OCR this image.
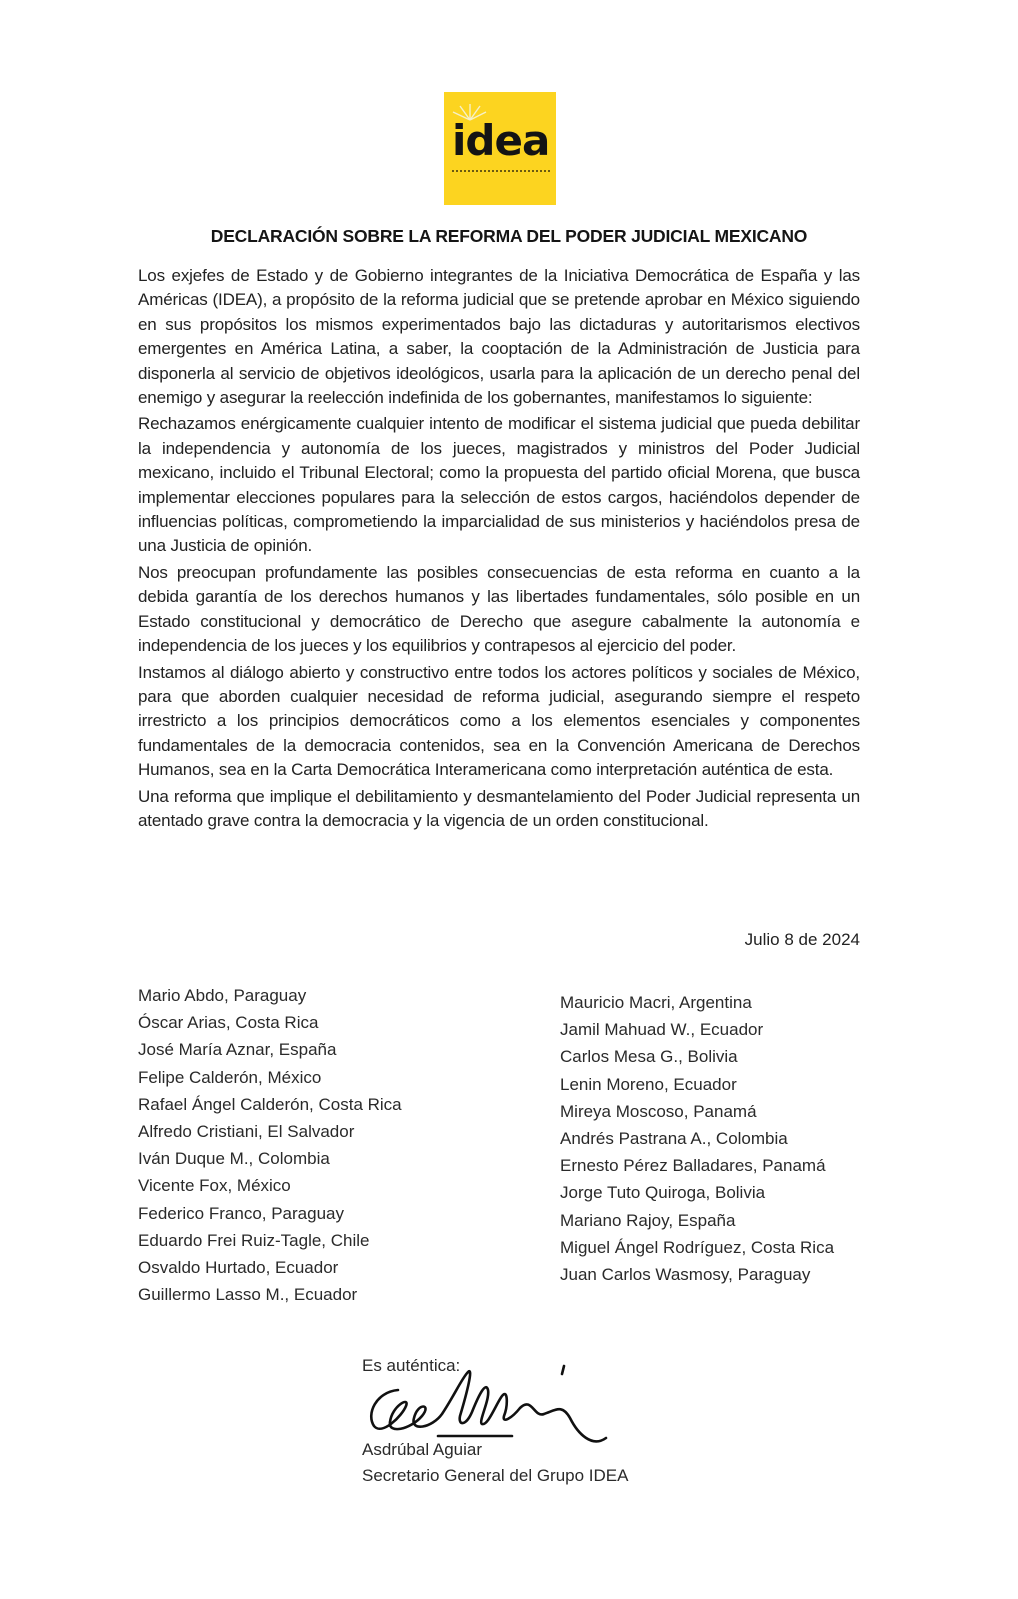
idea
DECLARACIÓN SOBRE LA REFORMA DEL PODER JUDICIAL MEXICANO

Los exjefes de Estado y de Gobierno integrantes de la Iniciativa Democrática de España y las Américas (IDEA), a propósito de la reforma judicial que se pretende aprobar en México siguiendo en sus propósitos los mismos experimentados bajo las dictaduras y autoritarismos electivos emergentes en América Latina, a saber, la cooptación de la Administración de Justicia para disponerla al servicio de objetivos ideológicos, usarla para la aplicación de un derecho penal del enemigo y asegurar la reelección indefinida de los gobernantes, manifestamos lo siguiente:

Rechazamos enérgicamente cualquier intento de modificar el sistema judicial que pueda debilitar la independencia y autonomía de los jueces, magistrados y ministros del Poder Judicial mexicano, incluido el Tribunal Electoral; como la propuesta del partido oficial Morena, que busca implementar elecciones populares para la selección de estos cargos, haciéndolos depender de influencias políticas, comprometiendo la imparcialidad de sus ministerios y haciéndolos presa de una Justicia de opinión.

Nos preocupan profundamente las posibles consecuencias de esta reforma en cuanto a la debida garantía de los derechos humanos y las libertades fundamentales, sólo posible en un Estado constitucional y democrático de Derecho que asegure cabalmente la autonomía e independencia de los jueces y los equilibrios y contrapesos al ejercicio del poder.

Instamos al diálogo abierto y constructivo entre todos los actores políticos y sociales de México, para que aborden cualquier necesidad de reforma judicial, asegurando siempre el respeto irrestricto a los principios democráticos como a los elementos esenciales y componentes fundamentales de la democracia contenidos, sea en la Convención Americana de Derechos Humanos, sea en la Carta Democrática Interamericana como interpretación auténtica de esta.

Una reforma que implique el debilitamiento y desmantelamiento del Poder Judicial representa un atentado grave contra la democracia y la vigencia de un orden constitucional.

Julio 8 de 2024
Mario Abdo, Paraguay
Óscar Arias, Costa Rica
José María Aznar, España
Felipe Calderón, México
Rafael Ángel Calderón, Costa Rica
Alfredo Cristiani, El Salvador
Iván Duque M., Colombia
Vicente Fox, México
Federico Franco, Paraguay
Eduardo Frei Ruiz-Tagle, Chile
Osvaldo Hurtado, Ecuador
Guillermo Lasso M., Ecuador
Mauricio Macri, Argentina
Jamil Mahuad W., Ecuador
Carlos Mesa G., Bolivia
Lenin Moreno, Ecuador
Mireya Moscoso, Panamá
Andrés Pastrana A., Colombia
Ernesto Pérez Balladares, Panamá
Jorge Tuto Quiroga, Bolivia
Mariano Rajoy, España
Miguel Ángel Rodríguez, Costa Rica
Juan Carlos Wasmosy, Paraguay
Es auténtica:
Asdrúbal Aguiar
Secretario General del Grupo IDEA
